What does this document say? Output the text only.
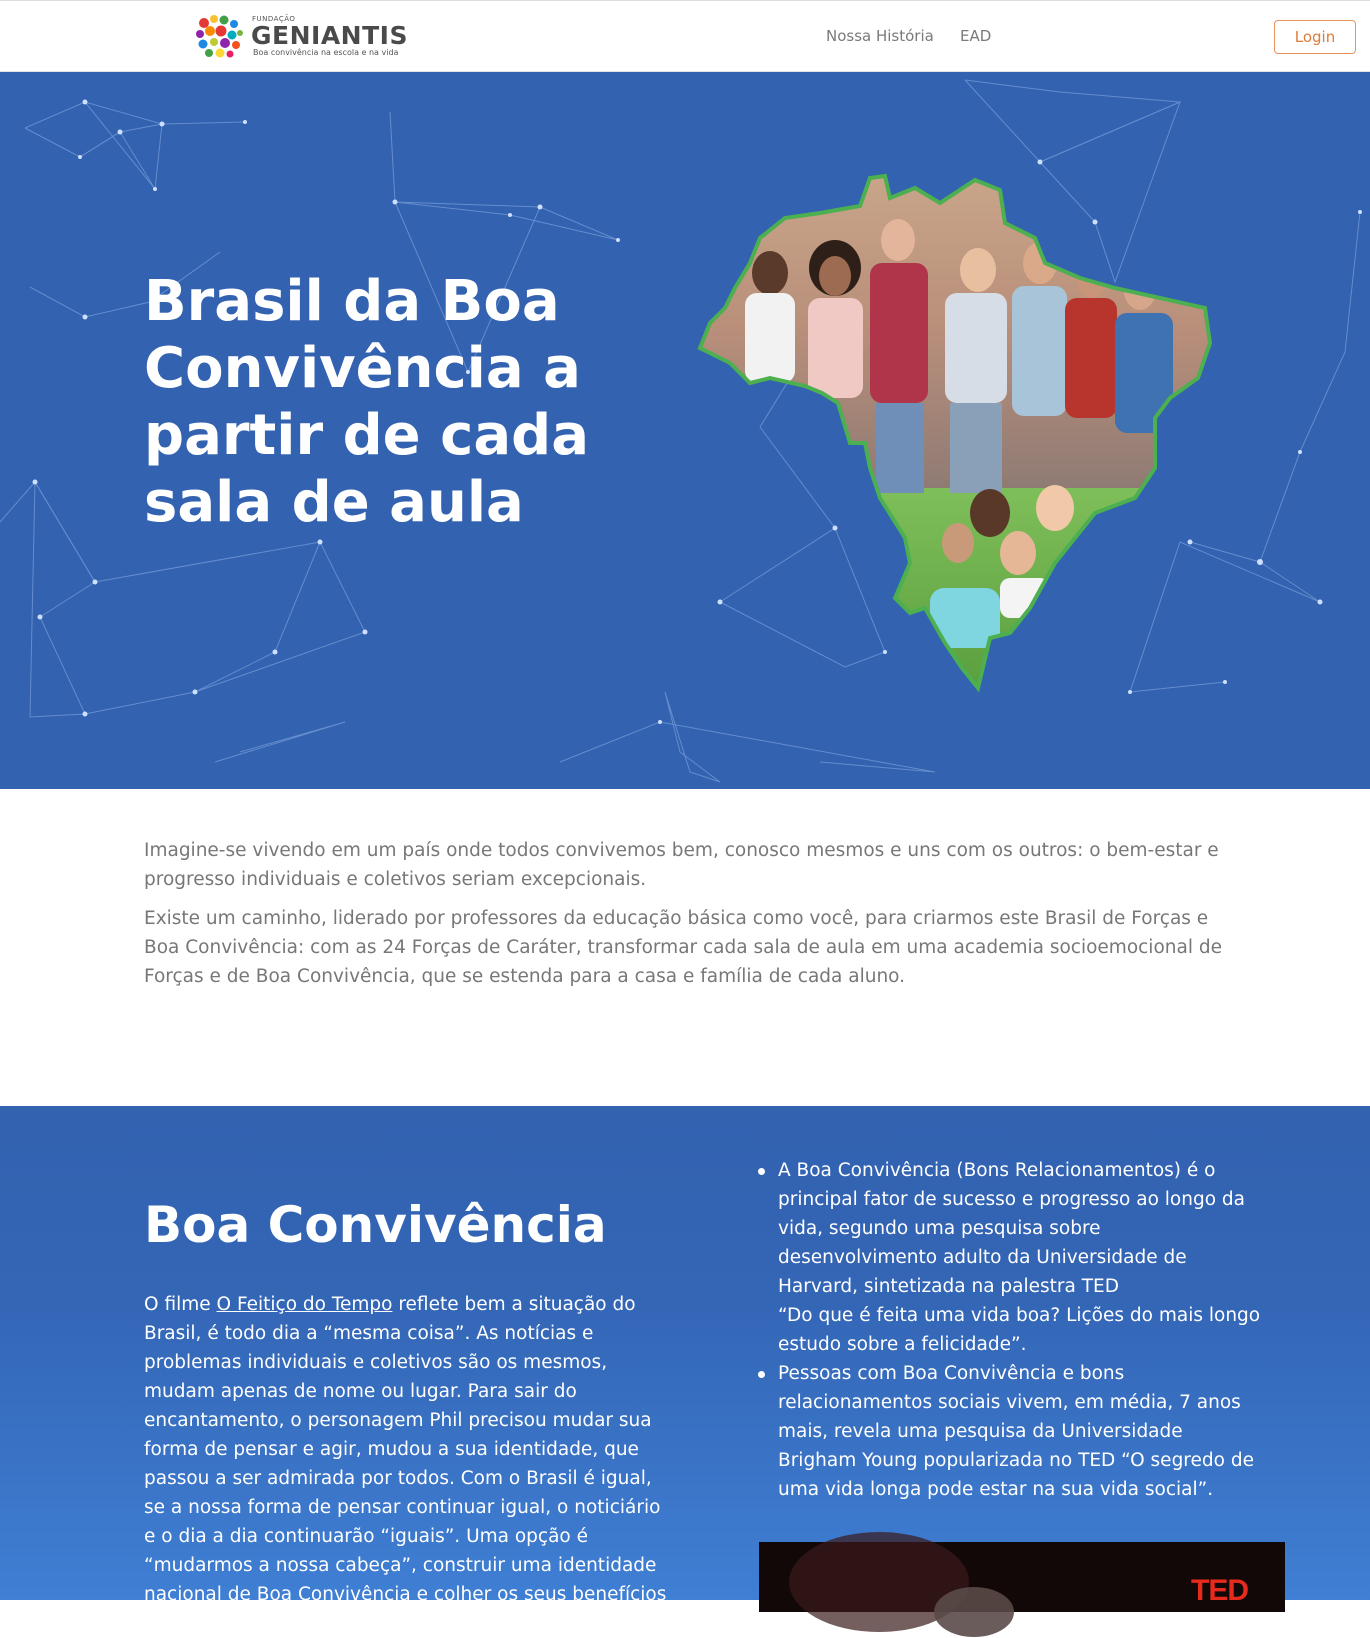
FUNDAÇÃO
GENIANTIS
Boa convivência na escola e na vida
Nossa História EAD	Login
Brasil da Boa Convivência a partir de cada sala de aula

Imagine-se vivendo em um país onde todos convivemos bem, conosco mesmos e uns com os outros: o bem-estar e progresso individuais e coletivos seriam excepcionais.

Existe um caminho, liderado por professores da educação básica como você, para criarmos este Brasil de Forças e Boa Convivência: com as 24 Forças de Caráter, transformar cada sala de aula em uma academia socioemocional de Forças e de Boa Convivência, que se estenda para a casa e família de cada aluno.

Boa Convivência
O filme O Feitiço do Tempo reflete bem a situação do Brasil, é todo dia a “mesma coisa”. As notícias e problemas individuais e coletivos são os mesmos, mudam apenas de nome ou lugar. Para sair do encantamento, o personagem Phil precisou mudar sua forma de pensar e agir, mudou a sua identidade, que passou a ser admirada por todos. Com o Brasil é igual, se a nossa forma de pensar continuar igual, o noticiário e o dia a dia continuarão “iguais”. Uma opção é “mudarmos a nossa cabeça”, construir uma identidade nacional de Boa Convivência e colher os seus benefícios na sala de aula,
A Boa Convivência (Bons Relacionamentos) é o principal fator de sucesso e progresso ao longo da vida, segundo uma pesquisa sobre desenvolvimento adulto da Universidade de Harvard, sintetizada na palestra TED
“Do que é feita uma vida boa? Lições do mais longo estudo sobre a felicidade”.
Pessoas com Boa Convivência e bons relacionamentos sociais vivem, em média, 7 anos mais, revela uma pesquisa da Universidade Brigham Young popularizada no TED “O segredo de uma vida longa pode estar na sua vida social”.
TED
